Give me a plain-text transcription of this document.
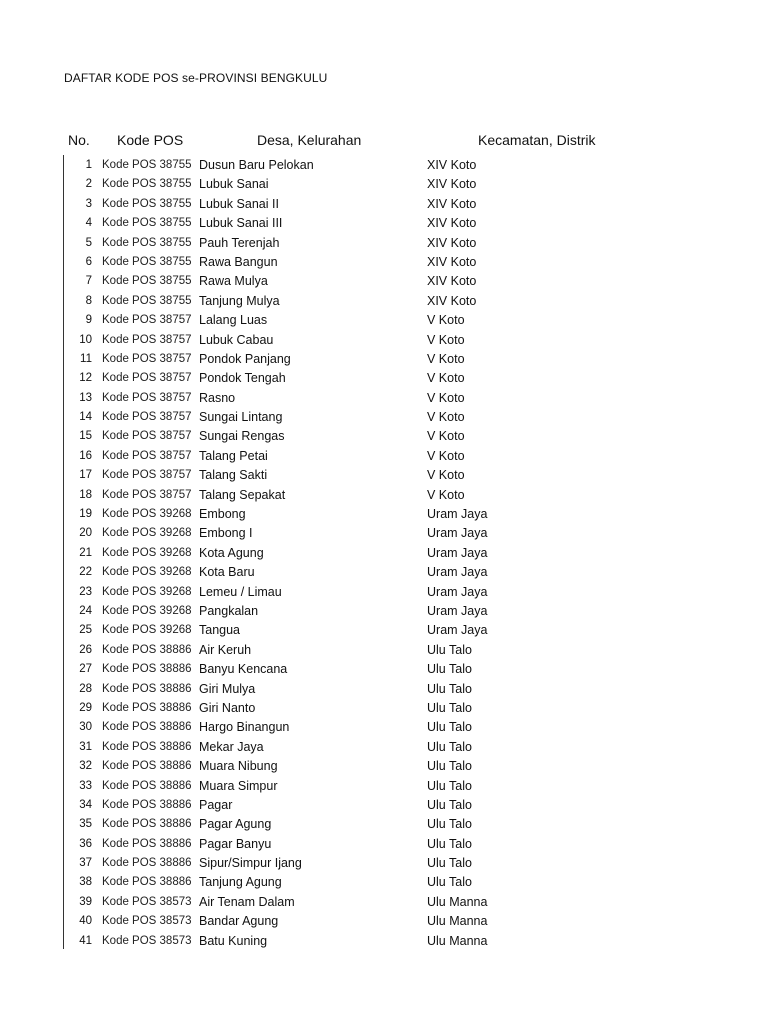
DAFTAR KODE POS se-PROVINSI BENGKULU
No. Kode POS	Desa, Kelurahan	Kecamatan, Distrik
1 Kode POS 38755 Dusun Baru Pelokan	XIV Koto
2 Kode POS 38755 Lubuk Sanai	XIV Koto
3 Kode POS 38755 Lubuk Sanai II	XIV Koto
4 Kode POS 38755 Lubuk Sanai III	XIV Koto
5 Kode POS 38755 Pauh Terenjah	XIV Koto
6 Kode POS 38755 Rawa Bangun	XIV Koto
7 Kode POS 38755 Rawa Mulya	XIV Koto
8 Kode POS 38755 Tanjung Mulya	XIV Koto
9 Kode POS 38757 Lalang Luas	V Koto
10 Kode POS 38757 Lubuk Cabau	V Koto
11 Kode POS 38757 Pondok Panjang	V Koto
12 Kode POS 38757 Pondok Tengah	V Koto
13 Kode POS 38757 Rasno	V Koto
14 Kode POS 38757 Sungai Lintang	V Koto
15 Kode POS 38757 Sungai Rengas	V Koto
16 Kode POS 38757 Talang Petai	V Koto
17 Kode POS 38757 Talang Sakti	V Koto
18 Kode POS 38757 Talang Sepakat	V Koto
19 Kode POS 39268 Embong	Uram Jaya
20 Kode POS 39268 Embong I	Uram Jaya
21 Kode POS 39268 Kota Agung	Uram Jaya
22 Kode POS 39268 Kota Baru	Uram Jaya
23 Kode POS 39268 Lemeu / Limau	Uram Jaya
24 Kode POS 39268 Pangkalan	Uram Jaya
25 Kode POS 39268 Tangua	Uram Jaya
26 Kode POS 38886 Air Keruh	Ulu Talo
27 Kode POS 38886 Banyu Kencana	Ulu Talo
28 Kode POS 38886 Giri Mulya	Ulu Talo
29 Kode POS 38886 Giri Nanto	Ulu Talo
30 Kode POS 38886 Hargo Binangun	Ulu Talo
31 Kode POS 38886 Mekar Jaya	Ulu Talo
32 Kode POS 38886 Muara Nibung	Ulu Talo
33 Kode POS 38886 Muara Simpur	Ulu Talo
34 Kode POS 38886 Pagar	Ulu Talo
35 Kode POS 38886 Pagar Agung	Ulu Talo
36 Kode POS 38886 Pagar Banyu	Ulu Talo
37 Kode POS 38886 Sipur/Simpur Ijang	Ulu Talo
38 Kode POS 38886 Tanjung Agung	Ulu Talo
39 Kode POS 38573 Air Tenam Dalam	Ulu Manna
40 Kode POS 38573 Bandar Agung	Ulu Manna
41 Kode POS 38573 Batu Kuning	Ulu Manna
